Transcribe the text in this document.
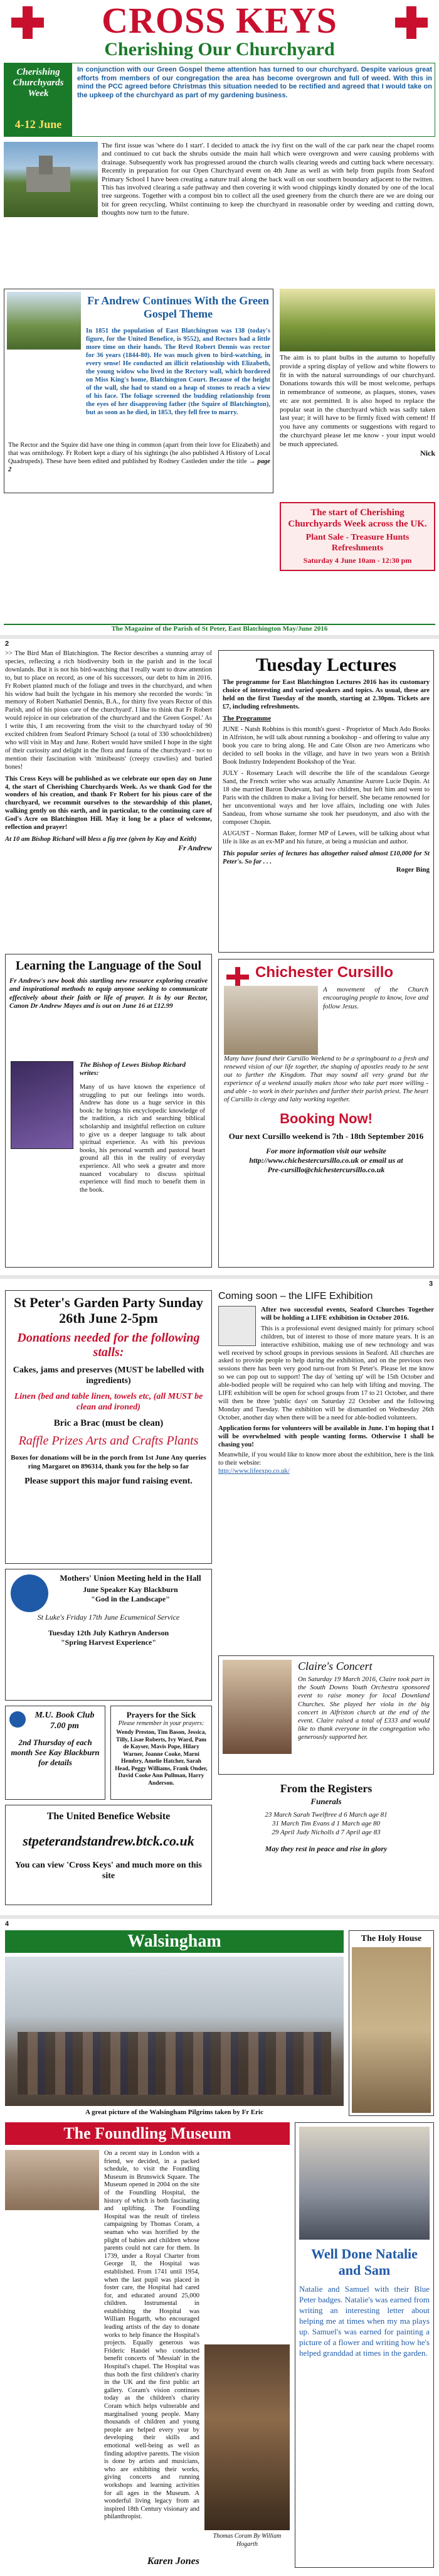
CROSS KEYS
Cherishing Our Churchyard
Cherishing Churchyards Week
4-12 June
In conjunction with our Green Gospel theme attention has turned to our churchyard. Despite various great efforts from members of our congregation the area has become overgrown and full of weed. With this in mind the PCC agreed before Christmas this situation needed to be rectified and agreed that I would take on the upkeep of the churchyard as part of my gardening business.
The first issue was 'where do I start'. I decided to attack the ivy first on the wall of the car park near the chapel rooms and continued to cut back the shrubs outside the main hall which were overgrown and were causing problems with drainage. Subsequently work has progressed around the church walls clearing weeds and cutting back where necessary. Recently in preparation for our Open Churchyard event on 4th June as well as with help from pupils from Seaford Primary School I have been creating a nature trail along the back wall on our southern boundary adjacent to the twitten. This has involved clearing a safe pathway and then covering it with wood chippings kindly donated by one of the local tree surgeons. Together with a compost bin to collect all the used greenery from the church there are we are doing our bit for green recycling. Whilst continuing to keep the churchyard in reasonable order by weeding and cutting down, thoughts now turn to the future.
Fr Andrew Continues With the Green Gospel Theme
In 1851 the population of East Blatchington was 138 (today's figure, for the United Benefice, is 9552), and Rectors had a little more time on their hands. The Revd Robert Dennis was rector for 36 years (1844-80). He was much given to bird-watching, in every sense! He conducted an illicit relationship with Elizabeth, the young widow who lived in the Rectory wall, which bordered on Miss King's home, Blatchington Court. Because of the height of the wall, she had to stand on a heap of stones to reach a view of his face. The foliage screened the budding relationship from the eyes of her disapproving father (the Squire of Blatchington), but as soon as he died, in 1853, they fell free to marry.
The Rector and the Squire did have one thing in common (apart from their love for Elizabeth) and that was ornithology. Fr Robert kept a diary of his sightings (he also published A History of Local Quadrupeds). These have been edited and published by Rodney Castleden under the title → page 2
The aim is to plant bulbs in the autumn to hopefully provide a spring display of yellow and white flowers to fit in with the natural surroundings of our churchyard. Donations towards this will be most welcome, perhaps in remembrance of someone, as plaques, stones, vases etc are not permitted. It is also hoped to replace the popular seat in the churchyard which was sadly taken last year; it will have to be firmly fixed with cement! If you have any comments or suggestions with regard to the churchyard please let me know - your input would be much appreciated.
Nick
The start of Cherishing Churchyards Week across the UK.
Plant Sale - Treasure Hunts Refreshments
Saturday 4 June 10am - 12:30 pm
The Magazine of the Parish of St Peter, East Blatchington May/June 2016
2
>> The Bird Man of Blatchington. The Rector describes a stunning array of species, reflecting a rich biodiversity both in the parish and in the local downlands. But it is not his bird-watching that I really want to draw attention to, but to place on record, as one of his successors, our debt to him in 2016. Fr Robert planted much of the foliage and trees in the churchyard, and when his widow had built the lychgate in his memory she recorded the words: 'in memory of Robert Nathaniel Dennis, B.A., for thirty five years Rector of this Parish, and of his pious care of the churchyard'. I like to think that Fr Robert would rejoice in our celebration of the churchyard and the Green Gospel.' As I write this, I am recovering from the visit to the churchyard today of 90 excited children from Seaford Primary School (a total of 330 schoolchildren) who will visit in May and June. Robert would have smiled I hope in the sight of their curiosity and delight in the flora and fauna of the churchyard - not to mention their fascination with 'minibeasts' (creepy crawlies) and buried bones!
This Cross Keys will be published as we celebrate our open day on June 4, the start of Cherishing Churchyards Week. As we thank God for the wonders of his creation, and thank Fr Robert for his pious care of the churchyard, we recommit ourselves to the stewardship of this planet, walking gently on this earth, and in particular, to the continuing care of God's Acre on Blatchington Hill. May it long be a place of welcome, reflection and prayer!
At 10 am Bishop Richard will bless a fig tree (given by Kay and Keith)
Fr Andrew
Tuesday Lectures
The programme for East Blatchington Lectures 2016 has its customary choice of interesting and varied speakers and topics. As usual, these are held on the first Tuesday of the month, starting at 2.30pm. Tickets are £7, including refreshments.
The Programme
JUNE - Natsh Robbins is this month's guest - Proprietor of Much Ado Books in Alfriston, he will talk about running a bookshop - and offering to value any book you care to bring along. He and Cate Olson are two Americans who decided to sell books in the village, and have in two years won a British Book Industry Independent Bookshop of the Year.
JULY - Rosemary Leach will describe the life of the scandalous George Sand, the French writer who was actually Amantine Aurore Lucie Dupin. At 18 she married Baron Dudevant, had two children, but left him and went to Paris with the children to make a living for herself. She became renowned for her unconventional ways and her love affairs, including one with Jules Sandeau, from whose surname she took her pseudonym, and also with the composer Chopin.
AUGUST - Norman Baker, former MP of Lewes, will be talking about what life is like as an ex-MP and his future, at being a musician and author.
This popular series of lectures has altogether raised almost £10,000 for St Peter's. So far . . .
Roger Bing
Learning the Language of the Soul
Fr Andrew's new book this startling new resource exploring creative and inspirational methods to equip anyone seeking to communicate effectively about their faith or life of prayer. It is by our Rector, Canon Dr Andrew Mayes and is out on June 16 at £12.99
The Bishop of Lewes Bishop Richard writes:
Many of us have known the experience of struggling to put our feelings into words. Andrew has done us a huge service in this book: he brings his encyclopedic knowledge of the tradition, a rich and searching biblical scholarship and insightful reflection on culture to give us a deeper language to talk about spiritual experience. As with his previous books, his personal warmth and pastoral heart ground all this in the reality of everyday experience. All who seek a greater and more nuanced vocabulary to discuss spiritual experience will find much to benefit them in the book.
Chichester Cursillo
A movement of the Church encouraging people to know, love and follow Jesus.
Many have found their Cursillo Weekend to be a springboard to a fresh and renewed vision of our life together, the shaping of apostles ready to be sent out to further the Kingdom. That may sound all very grand but the experience of a weekend usually makes those who take part more willing - and able - to work in their parishes and further their parish priest. The heart of Cursillo is clergy and laity working together.
Booking Now!
Our next Cursillo weekend is 7th - 18th September 2016
For more information visit our website http://www.chichestercursillo.co.uk or email us at
Pre-cursillo@chichestercursillo.co.uk
3
St Peter's Garden Party Sunday 26th June 2-5pm
Donations needed for the following stalls:
Cakes, jams and preserves (MUST be labelled with ingredients)
Linen (bed and table linen, towels etc, (all MUST be clean and ironed)
Bric a Brac (must be clean)
Raffle Prizes Arts and Crafts Plants
Boxes for donations will be in the porch from 1st June Any queries ring Margaret on 896314, thank you for the help so far
Please support this major fund raising event.
Mothers' Union Meeting held in the Hall
June Speaker Kay Blackburn
"God in the Landscape"
St Luke's Friday 17th June Ecumenical Service
Tuesday 12th July Kathryn Anderson
"Spring Harvest Experience"
M.U. Book Club 7.00 pm
2nd Thursday of each month See Kay Blackburn for details
Prayers for the Sick
Please remember in your prayers:
Wendy Preston, Tim Bason, Jessica, Tilly, Lisae Roberts, Ivy Ward, Pam de Kayser, Mavis Pope, Hilary Warner, Joanne Cooke, Marni Hembry, Amelie Hatcher, Sarah Head, Peggy Williams, Frank Onder, David Cooke Ann Pullman, Harry Anderson.
The United Benefice Website
stpeterandstandrew.btck.co.uk
You can view 'Cross Keys' and much more on this site
Coming soon – the LIFE Exhibition
After two successful events, Seaford Churches Together will be holding a LIFE exhibition in October 2016.
This is a professional event designed mainly for primary school children, but of interest to those of more mature years. It is an interactive exhibition, making use of new technology and was well received by school groups in previous sessions in Seaford. All churches are asked to provide people to help during the exhibition, and on the previous two sessions there has been very good turn-out from St Peter's. Please let me know so we can pop out to support! The day of 'setting up' will be 15th October and able-bodied people will be required who can help with lifting and moving. The LIFE exhibition will be open for school groups from 17 to 21 October, and there will then be three 'public days' on Saturday 22 October and the following Monday and Tuesday. The exhibition will be dismantled on Wednesday 26th October, another day when there will be a need for able-bodied volunteers.
Application forms for volunteers will be available in June. I'm hoping that I will be overwhelmed with people wanting forms. Otherwise I shall be chasing you!
Meanwhile, if you would like to know more about the exhibition, here is the link to their website:
http://www.lifeexpo.co.uk/
Claire's Concert
On Saturday 19 March 2016, Claire took part in the South Downs Youth Orchestra sponsored event to raise money for local Downland Churches. She played her viola in the big concert in Alfriston church at the end of the event. Claire raised a total of £333 and would like to thank everyone in the congregation who generously supported her.
From the Registers
Funerals
23 March Sarah Twelftree d 6 March age 81
31 March Tim Evans d 1 March age 80
29 April Judy Nicholls d 7 April age 83
May they rest in peace and rise in glory
4
Walsingham
A great picture of the Walsingham Pilgrims taken by Fr Eric
The Holy House
The Foundling Museum
On a recent stay in London with a friend, we decided, in a packed schedule, to visit the Foundling Museum in Brunswick Square. The Museum opened in 2004 on the site of the Foundling Hospital, the history of which is both fascinating and uplifting. The Foundling Hospital was the result of tireless campaigning by Thomas Coram, a seaman who was horrified by the plight of babies and children whose parents could not care for them. In 1739, under a Royal Charter from George II, the Hospital was established. From 1741 until 1954, when the last pupil was placed in foster care, the Hospital had cared for, and educated around 25,000 children. Instrumental in establishing the Hospital was William Hogarth, who encouraged leading artists of the day to donate works to help finance the Hospital's projects. Equally generous was Frideric Handel who conducted benefit concerts of 'Messiah' in the Hospital's chapel. The Hospital was thus both the first children's charity in the UK and the first public art gallery. Coram's vision continues today as the children's charity Coram which helps vulnerable and marginalised young people. Many thousands of children and young people are helped every year by developing their skills and emotional well-being as well as finding adoptive parents. The vision is done by artists and musicians, who are exhibiting their works, giving concerts and running workshops and learning activities for all ages in the Museum. A wonderful living legacy from an inspired 18th Century visionary and philanthropist.
Thomas Coram By William Hogarth
Karen Jones
Well Done Natalie and Sam
Natalie and Samuel with their Blue Peter badges. Natalie's was earned from writing an interesting letter about helping me at times when my ma plays up. Samuel's was earned for painting a picture of a flower and writing how he's helped granddad at times in the garden.
